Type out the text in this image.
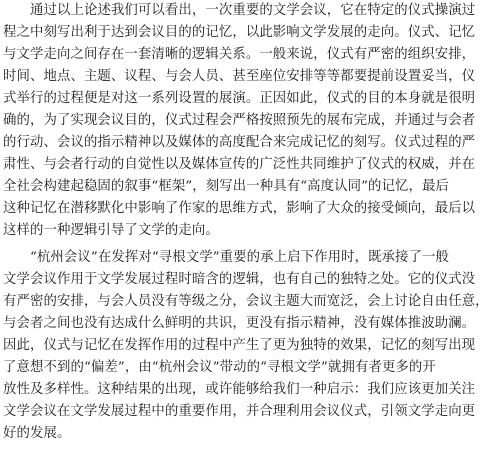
通过以上论述我们可以看出，一次重要的文学会议，它在特定的仪式操演过
程之中刻写出利于达到会议目的的记忆，以此影响文学发展的走向。仪式、记忆
与文学走向之间存在一套清晰的逻辑关系。一般来说，仪式有严密的组织安排，
时间、地点、主题、议程、与会人员、甚至座位安排等等都要提前设置妥当，仪
式举行的过程便是对这一系列设置的展演。正因如此，仪式的目的本身就是很明
确的，为了实现会议目的，仪式过程会严格按照预先的展布完成，并通过与会者
的行动、会议的指示精神以及媒体的高度配合来完成记忆的刻写。仪式过程的严
肃性、与会者行动的自觉性以及媒体宣传的广泛性共同维护了仪式的权威，并在
全社会构建起稳固的叙事“框架”，刻写出一种具有“高度认同”的记忆，最后
这种记忆在潜移默化中影响了作家的思维方式，影响了大众的接受倾向，最后以
这样的一种逻辑引导了文学的走向。
“杭州会议”在发挥对“寻根文学”重要的承上启下作用时，既承接了一般
文学会议作用于文学发展过程时暗含的逻辑，也有自己的独特之处。它的仪式没
有严密的安排，与会人员没有等级之分，会议主题大而宽泛，会上讨论自由任意，
与会者之间也没有达成什么鲜明的共识，更没有指示精神，没有媒体推波助澜。
因此，仪式与记忆在发挥作用的过程中产生了更为独特的效果，记忆的刻写出现
了意想不到的“偏差”，由“杭州会议”带动的“寻根文学”就拥有者更多的开
放性及多样性。这种结果的出现，或许能够给我们一种启示：我们应该更加关注
文学会议在文学发展过程中的重要作用，并合理利用会议仪式，引领文学走向更
好的发展。
